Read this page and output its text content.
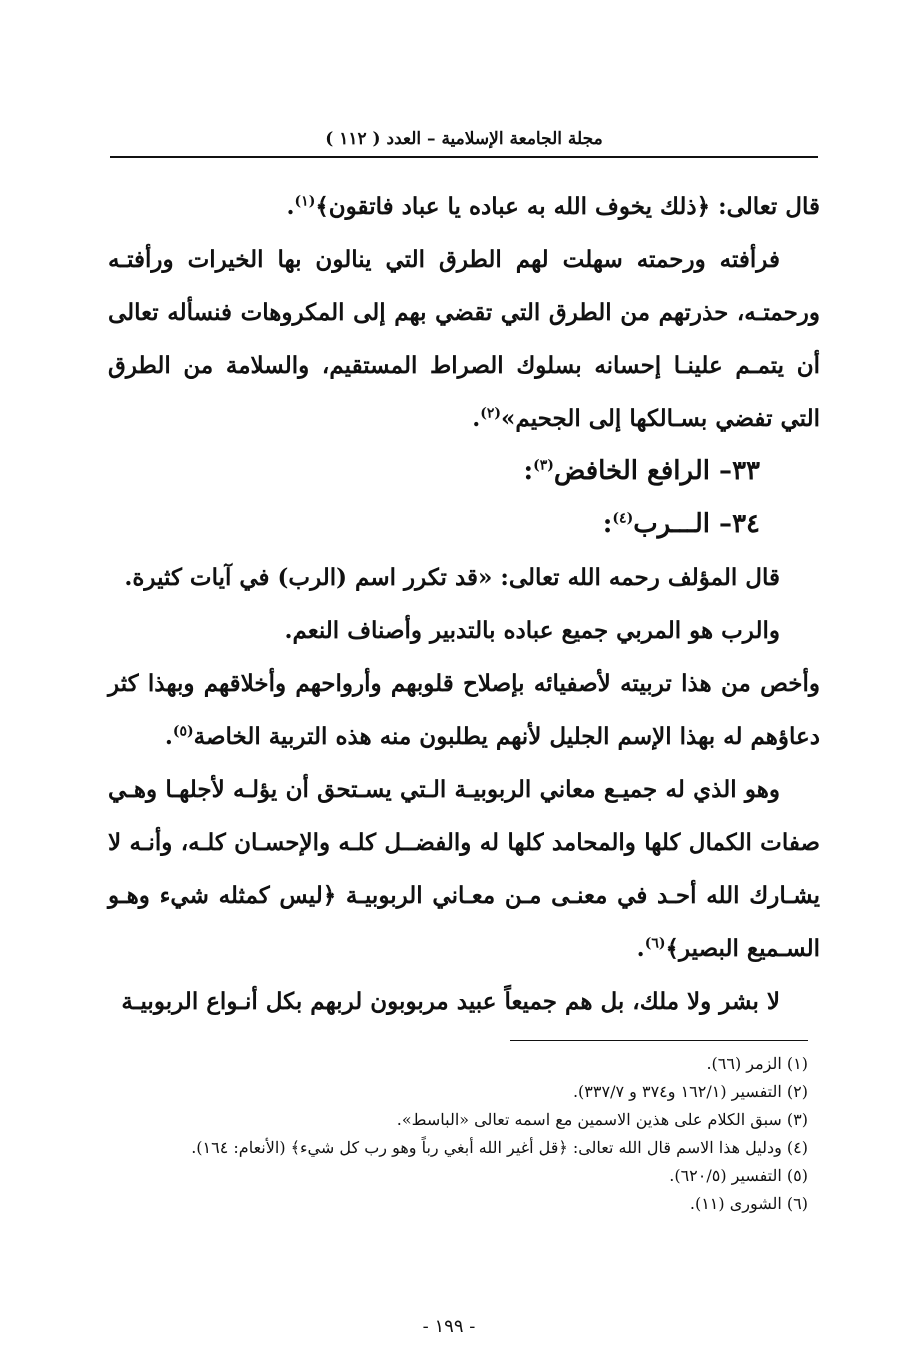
مجلة الجامعة الإسلامية – العدد ( ١١٢ )

قال تعالى: ﴿ذلك يخوف الله به عباده يا عباد فاتقون﴾$^{(١)}$.

فرأفته ورحمته سهلت لهم الطرق التي ينالون بها الخيرات ورأفتـه ورحمتـه، حذرتهم من الطرق التي تقضي بهم إلى المكروهات فنسأله تعالى أن يتمـم علينـا إحسانه بسلوك الصراط المستقيم، والسلامة من الطرق التي تفضي بسـالكها إلى الجحيم»$^{(٢)}$.

٣٣– الرافع الخافض$^{(٣)}$:

٣٤– الـــرب$^{(٤)}$:

قال المؤلف رحمه الله تعالى: «قد تكرر اسم (الرب) في آيات كثيرة.

والرب هو المربي جميع عباده بالتدبير وأصناف النعم.

وأخص من هذا تربيته لأصفيائه بإصلاح قلوبهم وأرواحهم وأخلاقهم وبهذا كثر دعاؤهم له بهذا الإسم الجليل لأنهم يطلبون منه هذه التربية الخاصة$^{(٥)}$.

وهو الذي له جميـع معاني الربوبيـة الـتي يسـتحق أن يؤلـه لأجلهـا وهـي صفات الكمال كلها والمحامد كلها له والفضــل كلـه والإحسـان كلـه، وأنـه لا يشـارك الله أحـد في معنـى مـن معـاني الربوبيـة ﴿ليس كمثله شيء وهـو السـميع البصير﴾$^{(٦)}$.

لا بشر ولا ملك، بل هم جميعاً عبيد مربوبون لربهم بكل أنـواع الربوبيـة

(١) الزمر (٦٦).

(٢) التفسير (١٦٢/١ و٣٧٤ و ٣٣٧/٧).

(٣) سبق الكلام على هذين الاسمين مع اسمه تعالى «الباسط».

(٤) ودليل هذا الاسم قال الله تعالى: ﴿قل أغير الله أبغي رباً وهو رب كل شيء﴾ (الأنعام: ١٦٤).

(٥) التفسير (٦٢٠/٥).

(٦) الشورى (١١).

- ١٩٩ -
